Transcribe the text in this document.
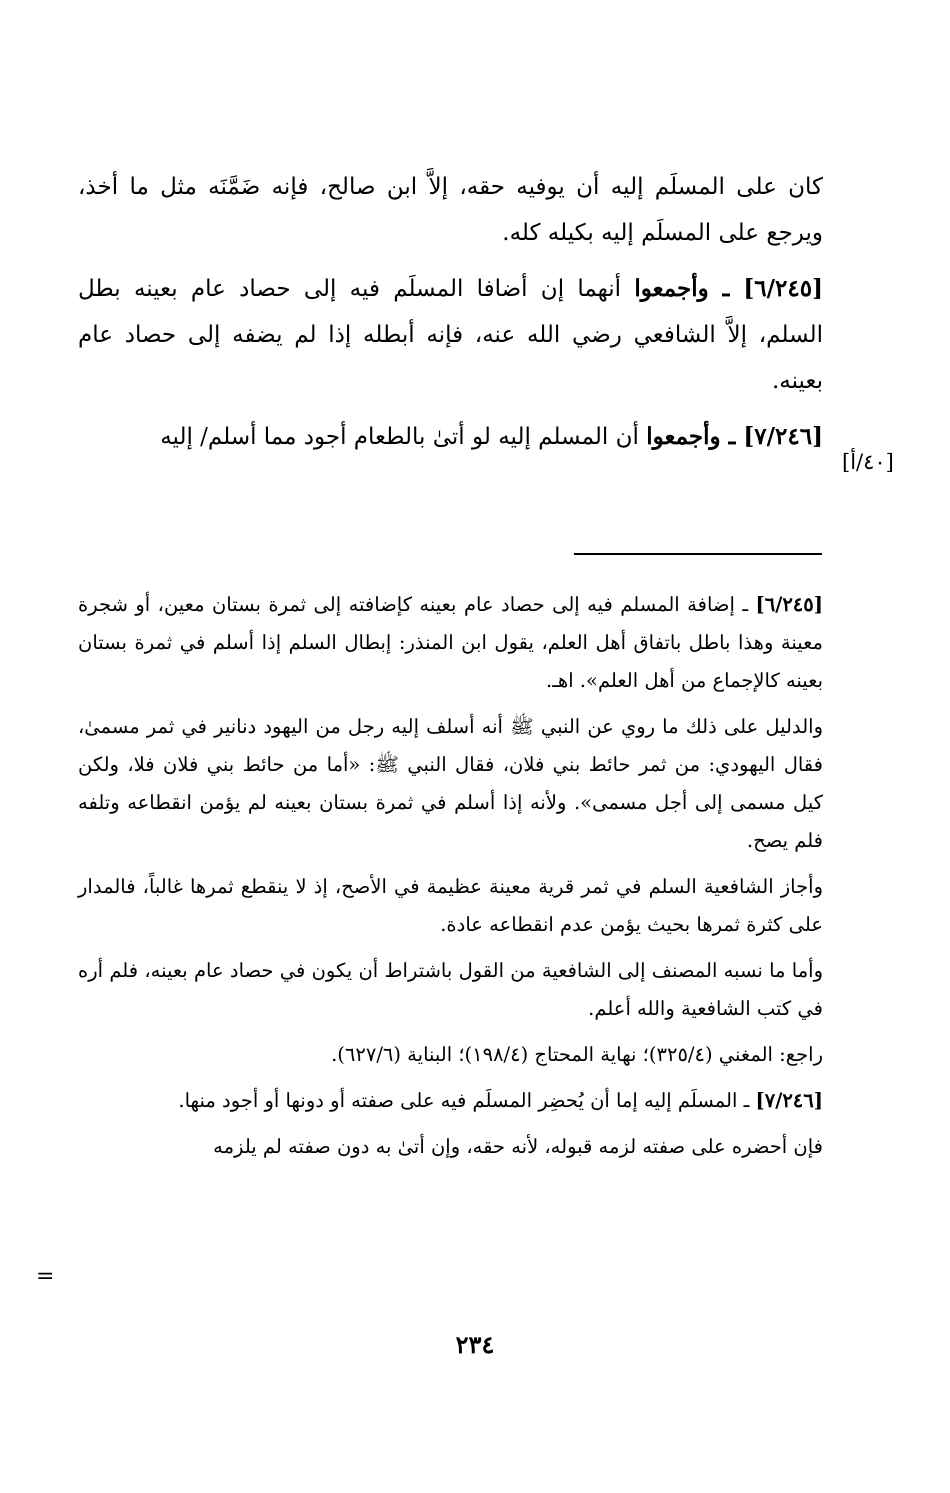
كان على المسلَم إليه أن يوفيه حقه، إلاَّ ابن صالح، فإنه ضَمَّنَه مثل ما أخذ، ويرجع على المسلَم إليه بكيله كله.

[٦/٢٤٥] ـ وأجمعوا أنهما إن أضافا المسلَم فيه إلى حصاد عام بعينه بطل السلم، إلاَّ الشافعي رضي الله عنه، فإنه أبطله إذا لم يضفه إلى حصاد عام بعينه.

[٧/٢٤٦] ـ وأجمعوا أن المسلم إليه لو أتىٰ بالطعام أجود مما أسلم/ إليه

[٤٠/أ]

[٦/٢٤٥] ـ إضافة المسلم فيه إلى حصاد عام بعينه كإضافته إلى ثمرة بستان معين، أو شجرة معينة وهذا باطل باتفاق أهل العلم، يقول ابن المنذر: إبطال السلم إذا أسلم في ثمرة بستان بعينه كالإجماع من أهل العلم». اهـ.

والدليل على ذلك ما روي عن النبي ﷺ أنه أسلف إليه رجل من اليهود دنانير في ثمر مسمىٰ، فقال اليهودي: من ثمر حائط بني فلان، فقال النبي ﷺ: «أما من حائط بني فلان فلا، ولكن كيل مسمى إلى أجل مسمى». ولأنه إذا أسلم في ثمرة بستان بعينه لم يؤمن انقطاعه وتلفه فلم يصح.

وأجاز الشافعية السلم في ثمر قرية معينة عظيمة في الأصح، إذ لا ينقطع ثمرها غالباً، فالمدار على كثرة ثمرها بحيث يؤمن عدم انقطاعه عادة.

وأما ما نسبه المصنف إلى الشافعية من القول باشتراط أن يكون في حصاد عام بعينه، فلم أره في كتب الشافعية والله أعلم.

راجع: المغني (٣٢٥/٤)؛ نهاية المحتاج (١٩٨/٤)؛ البناية (٦٢٧/٦).

[٧/٢٤٦] ـ المسلَم إليه إما أن يُحضِر المسلَم فيه على صفته أو دونها أو أجود منها.

فإن أحضره على صفته لزمه قبوله، لأنه حقه، وإن أتىٰ به دون صفته لم يلزمه

=
٢٣٤
